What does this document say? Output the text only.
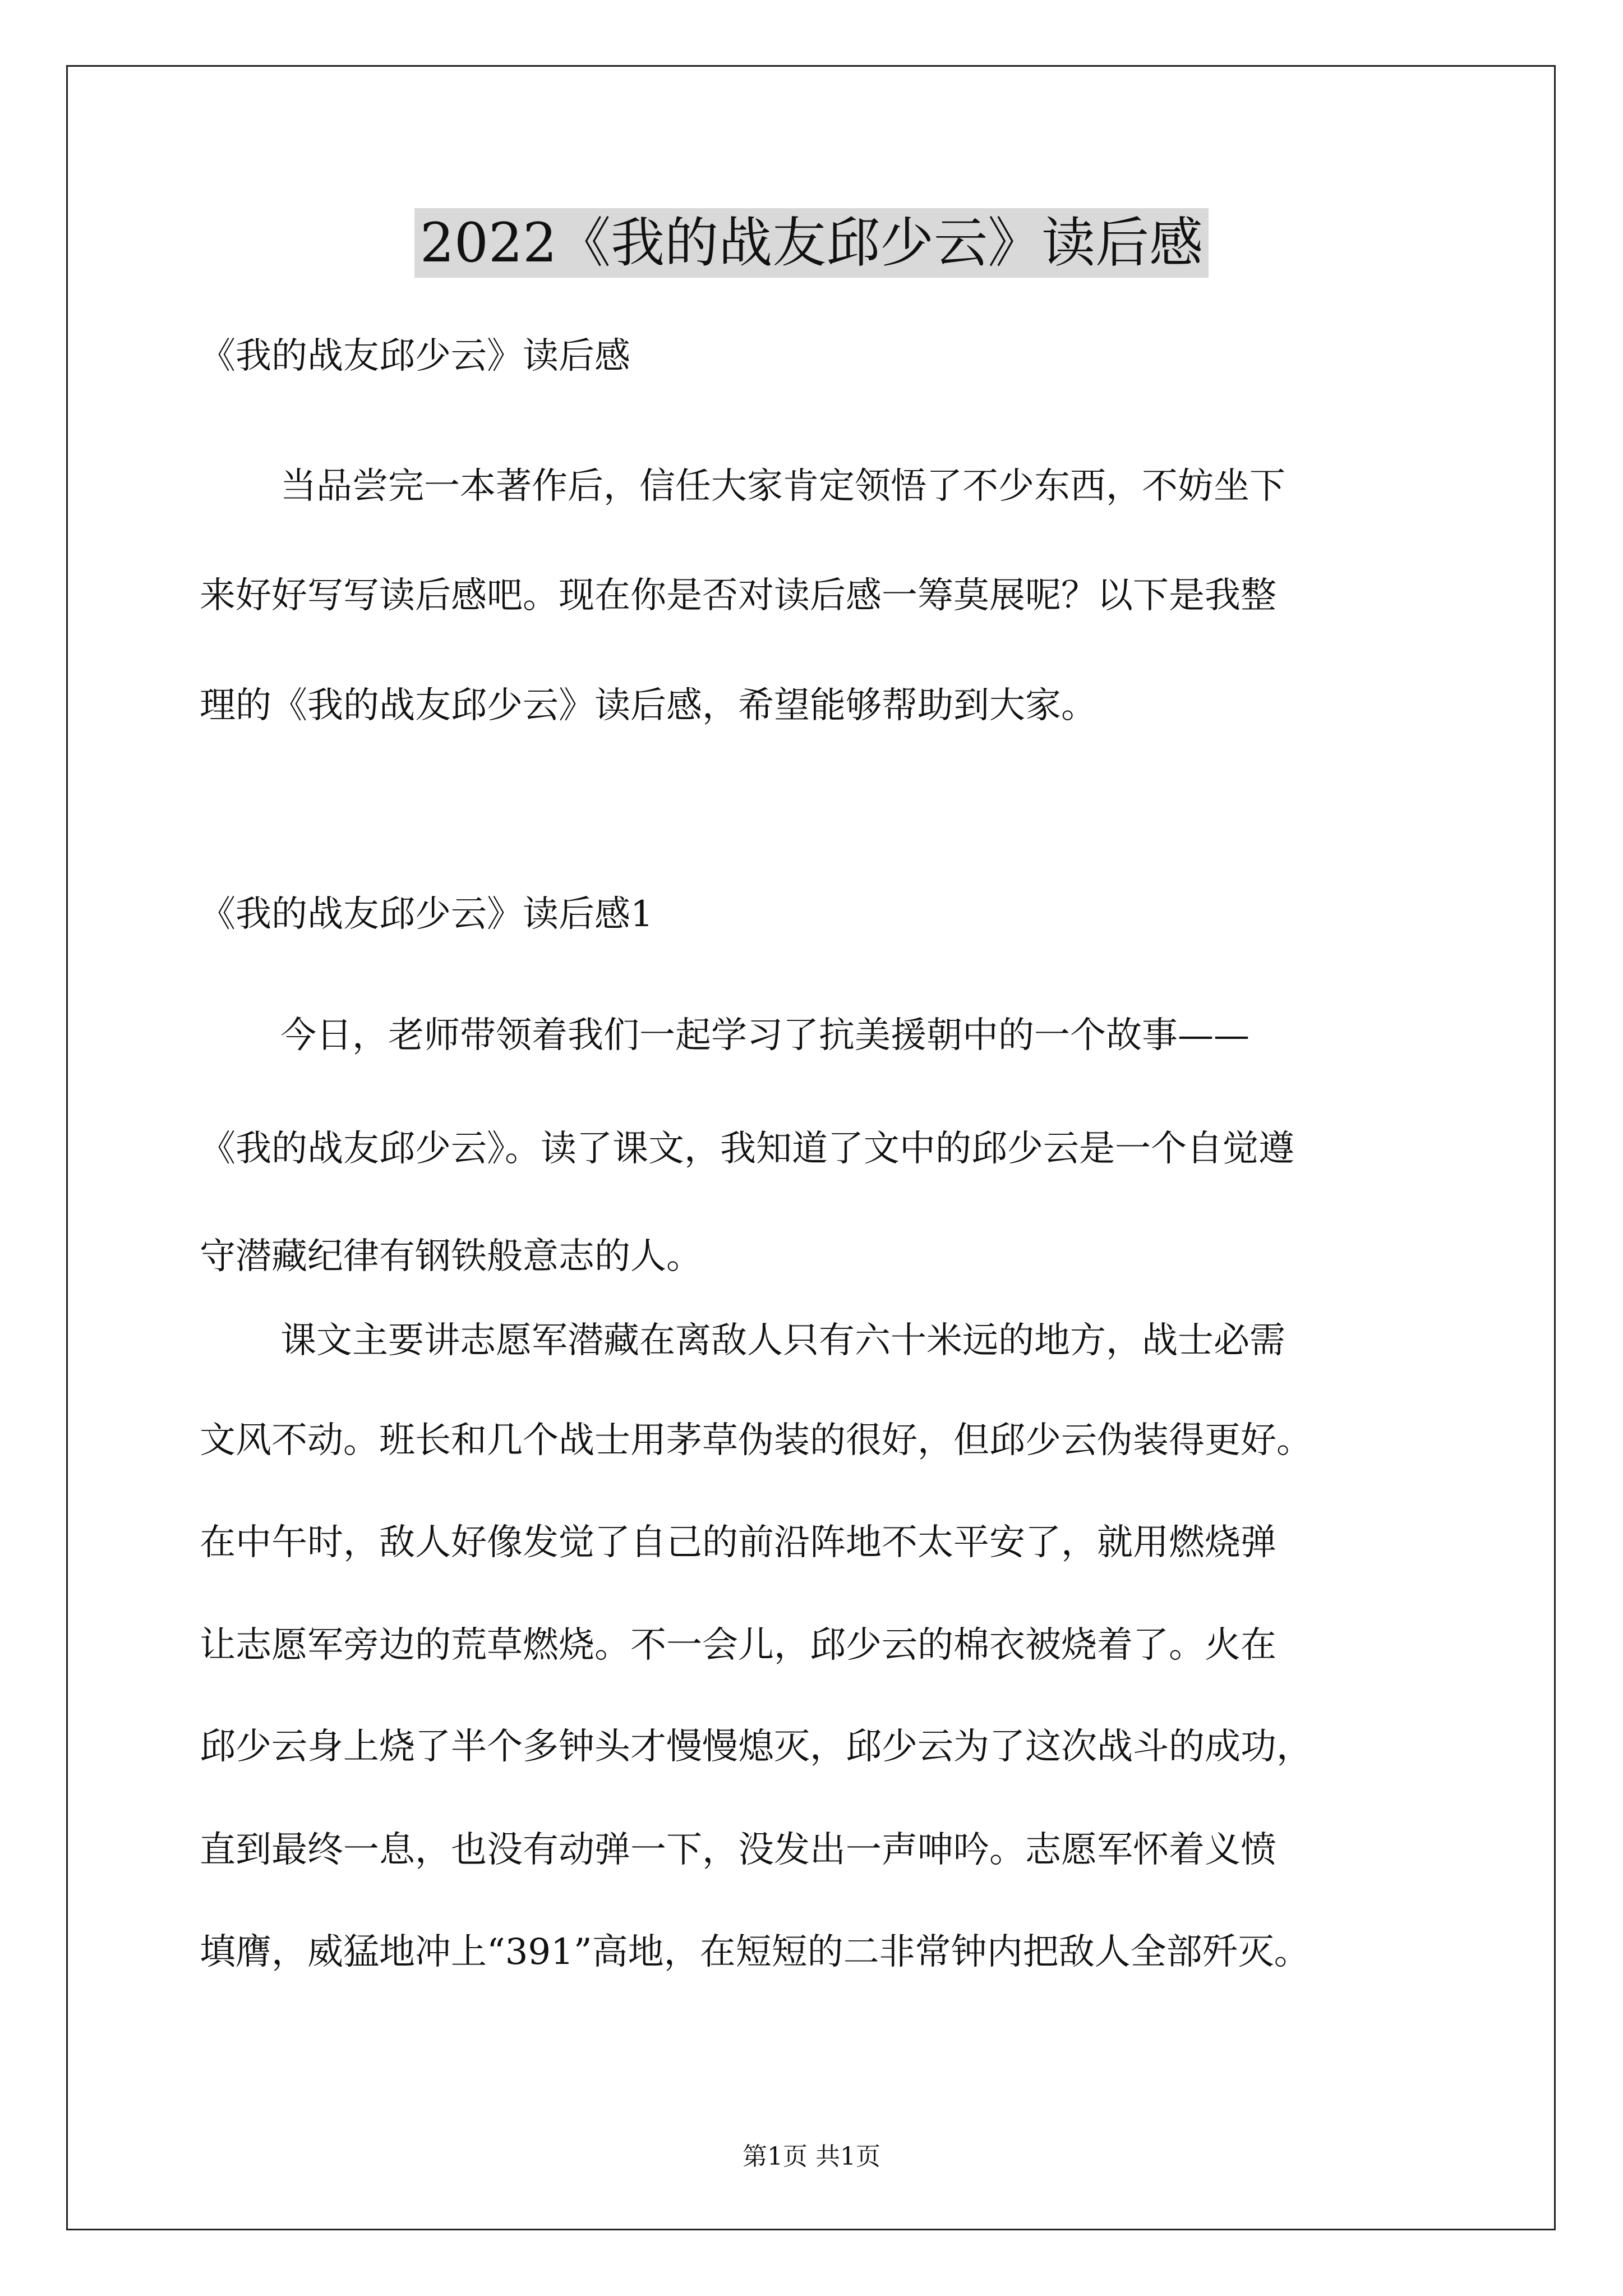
2022《我的战友邱少云》读后感
《我的战友邱少云》读后感
当品尝完一本著作后，信任大家肯定领悟了不少东西，不妨坐下
来好好写写读后感吧。现在你是否对读后感一筹莫展呢？以下是我整
理的《我的战友邱少云》读后感，希望能够帮助到大家。
《我的战友邱少云》读后感1
今日，老师带领着我们一起学习了抗美援朝中的一个故事——
《我的战友邱少云》。读了课文，我知道了文中的邱少云是一个自觉遵
守潜藏纪律有钢铁般意志的人。
课文主要讲志愿军潜藏在离敌人只有六十米远的地方，战士必需
文风不动。班长和几个战士用茅草伪装的很好，但邱少云伪装得更好。
在中午时，敌人好像发觉了自己的前沿阵地不太平安了，就用燃烧弹
让志愿军旁边的荒草燃烧。不一会儿，邱少云的棉衣被烧着了。火在
邱少云身上烧了半个多钟头才慢慢熄灭，邱少云为了这次战斗的成功，
直到最终一息，也没有动弹一下，没发出一声呻吟。志愿军怀着义愤
填膺，威猛地冲上“391”高地，在短短的二非常钟内把敌人全部歼灭。
第1页 共1页
